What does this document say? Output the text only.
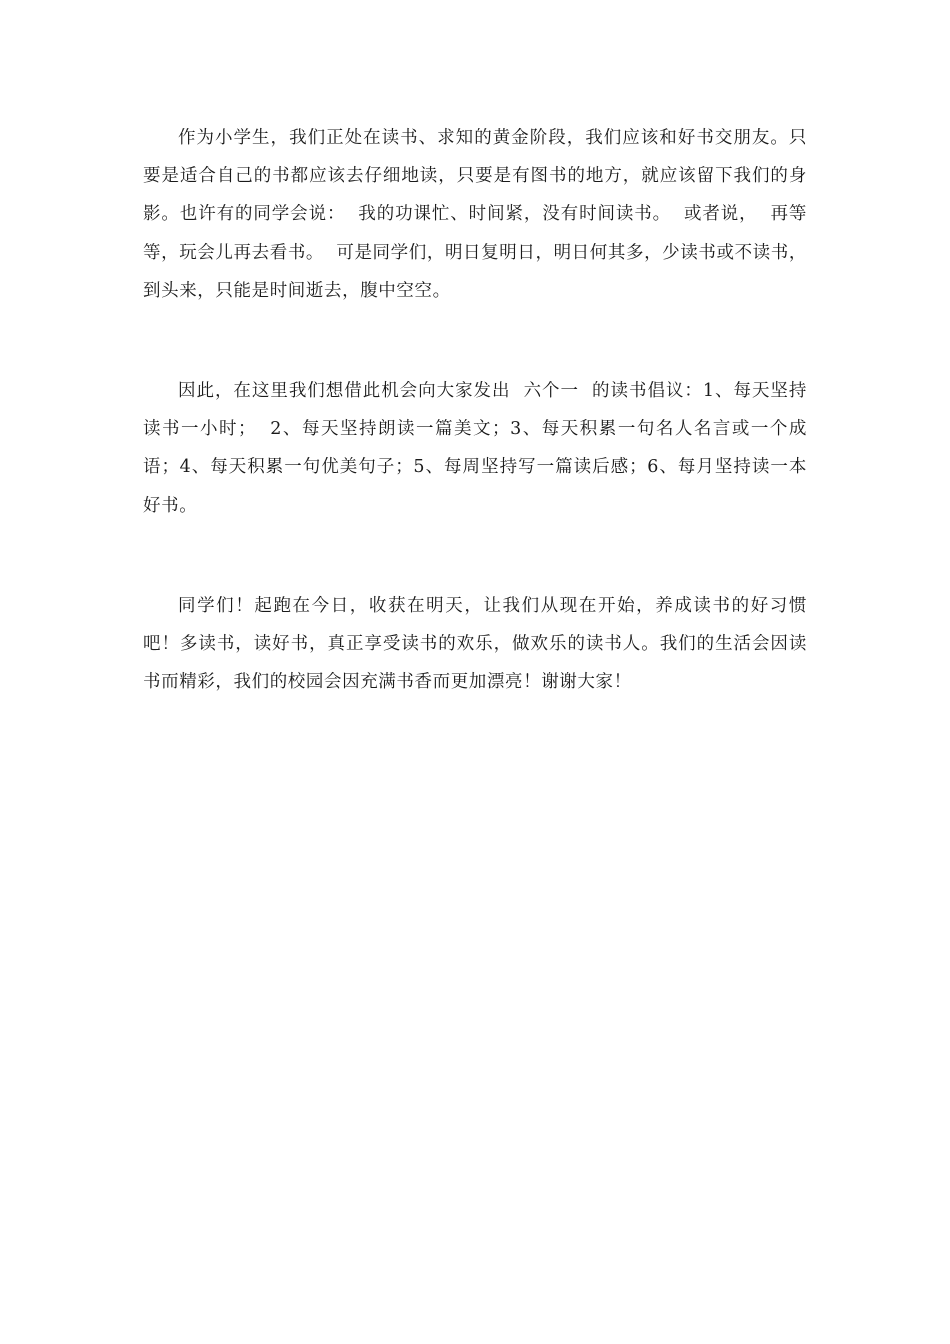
作为小学生，我们正处在读书、求知的黄金阶段，我们应该和好书交朋友。只要是适合自己的书都应该去仔细地读，只要是有图书的地方，就应该留下我们的身影。也许有的同学会说：  我的功课忙、时间紧，没有时间读书。  或者说，  再等等，玩会儿再去看书。  可是同学们，明日复明日，明日何其多，少读书或不读书，到头来，只能是时间逝去，腹中空空。

因此，在这里我们想借此机会向大家发出  六个一  的读书倡议：1、每天坚持读书一小时；  2、每天坚持朗读一篇美文；3、每天积累一句名人名言或一个成语；4、每天积累一句优美句子；5、每周坚持写一篇读后感；6、每月坚持读一本好书。

同学们！起跑在今日，收获在明天，让我们从现在开始，养成读书的好习惯吧！多读书，读好书，真正享受读书的欢乐，做欢乐的读书人。我们的生活会因读书而精彩，我们的校园会因充满书香而更加漂亮！谢谢大家！
